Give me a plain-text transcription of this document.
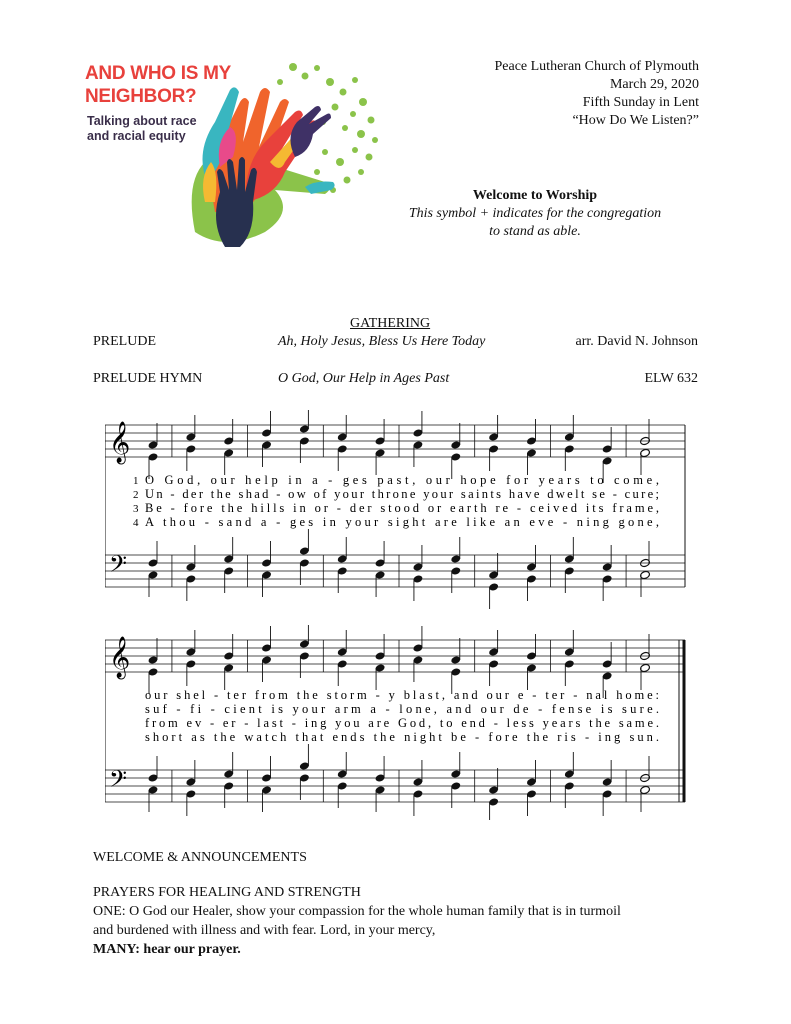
AND WHO IS MY
NEIGHBOR?
Talking about race
and racial equity
Peace Lutheran Church of Plymouth
March 29, 2020
Fifth Sunday in Lent
“How Do We Listen?”
Welcome to Worship
This symbol + indicates for the congregation
to stand as able.
GATHERING
PRELUDE	Ah, Holy Jesus, Bless Us Here Today	arr. David N. Johnson
PRELUDE HYMN	O God, Our Help in Ages Past	ELW 632
𝄞
𝄢
1 O God, our help in a - ges past, our hope for years to come,
2 Un - der the shad - ow of your throne your saints have dwelt se - cure;
3 Be - fore the hills in or - der stood or earth re - ceived its frame,
4 A thou - sand a - ges in your sight are like an eve - ning gone,
𝄞
𝄢
our shel - ter from the storm - y blast, and our e - ter - nal home:
suf - fi - cient is your arm a - lone, and our de - fense is sure.
from ev - er - last - ing you are God, to end - less years the same.
short as the watch that ends the night be - fore the ris - ing sun.
WELCOME & ANNOUNCEMENTS
PRAYERS FOR HEALING AND STRENGTH
ONE: O God our Healer, show your compassion for the whole human family that is in turmoil
and burdened with illness and with fear. Lord, in your mercy,
MANY: hear our prayer.
